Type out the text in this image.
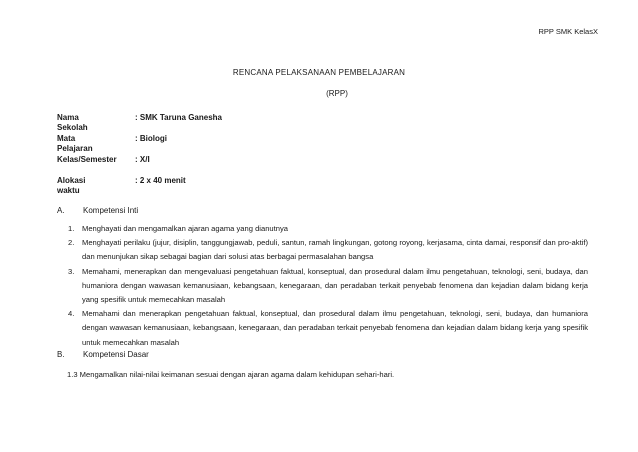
RPP SMK KelasX
RENCANA PELAKSANAAN PEMBELAJARAN
(RPP)
Nama Sekolah
: SMK Taruna Ganesha
Mata Pelajaran
: Biologi
Kelas/Semester : X/I
Alokasi waktu
: 2 x 40 menit
A. Kompetensi Inti
1. Menghayati dan mengamalkan ajaran agama yang dianutnya
2. Menghayati perilaku (jujur, disiplin, tanggungjawab, peduli, santun, ramah lingkungan, gotong royong, kerjasama, cinta damai, responsif dan pro-aktif) dan menunjukan sikap sebagai bagian dari solusi atas berbagai permasalahan bangsa
3. Memahami, menerapkan dan mengevaluasi pengetahuan faktual, konseptual, dan prosedural dalam ilmu pengetahuan, teknologi, seni, budaya, dan humaniora dengan wawasan kemanusiaan, kebangsaan, kenegaraan, dan peradaban terkait penyebab fenomena dan kejadian dalam bidang kerja yang spesifik untuk memecahkan masalah
4. Memahami dan menerapkan pengetahuan faktual, konseptual, dan prosedural dalam ilmu pengetahuan, teknologi, seni, budaya, dan humaniora dengan wawasan kemanusiaan, kebangsaan, kenegaraan, dan peradaban terkait penyebab fenomena dan kejadian dalam bidang kerja yang spesifik untuk memecahkan masalah
B. Kompetensi Dasar
1.3 Mengamalkan nilai-nilai keimanan sesuai dengan ajaran agama dalam kehidupan sehari-hari.
